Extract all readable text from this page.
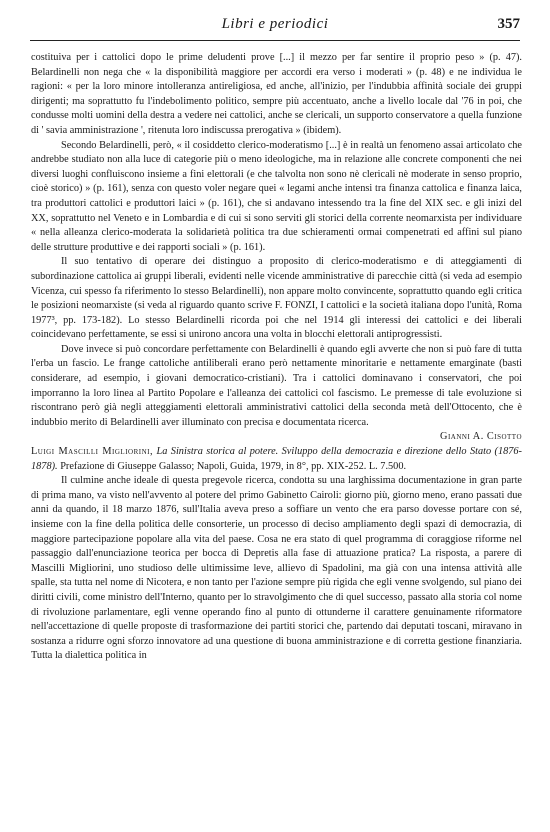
Libri e periodici	357

costituiva per i cattolici dopo le prime deludenti prove [...] il mezzo per far sentire il proprio peso » (p. 47). Belardinelli non nega che « la disponibilità maggiore per accordi era verso i moderati » (p. 48) e ne individua le ragioni: « per la loro minore intolleranza antireligiosa, ed anche, all'inizio, per l'indubbia affinità sociale dei gruppi dirigenti; ma soprattutto fu l'indebolimento politico, sempre più accentuato, anche a livello locale dal '76 in poi, che condusse molti uomini della destra a vedere nei cattolici, anche se clericali, un supporto conservatore a quella funzione di ' savia amministrazione ', ritenuta loro indiscussa prerogativa » (ibidem).

Secondo Belardinelli, però, « il cosiddetto clerico-moderatismo [...] è in realtà un fenomeno assai articolato che andrebbe studiato non alla luce di categorie più o meno ideologiche, ma in relazione alle concrete componenti che nei diversi luoghi confluiscono insieme a fini elettorali (e che talvolta non sono nè clericali nè moderate in senso proprio, cioè storico) » (p. 161), senza con questo voler negare quei « legami anche intensi tra finanza cattolica e finanza laica, tra produttori cattolici e produttori laici » (p. 161), che si andavano intessendo tra la fine del XIX sec. e gli inizi del XX, soprattutto nel Veneto e in Lombardia e di cui si sono serviti gli storici della corrente neomarxista per individuare « nella alleanza clerico-moderata la solidarietà politica tra due schieramenti ormai compenetrati ed affini sul piano delle strutture produttive e dei rapporti sociali » (p. 161).

Il suo tentativo di operare dei distinguo a proposito di clerico-moderatismo e di atteggiamenti di subordinazione cattolica ai gruppi liberali, evidenti nelle vicende amministrative di parecchie città (si veda ad esempio Vicenza, cui spesso fa riferimento lo stesso Belardinelli), non appare molto convincente, soprattutto quando egli critica le posizioni neomarxiste (si veda al riguardo quanto scrive F. FONZI, I cattolici e la società italiana dopo l'unità, Roma 1977³, pp. 173-182). Lo stesso Belardinelli ricorda poi che nel 1914 gli interessi dei cattolici e dei liberali coincidevano perfettamente, se essi si unirono ancora una volta in blocchi elettorali antiprogressisti.

Dove invece si può concordare perfettamente con Belardinelli è quando egli avverte che non si può fare di tutta l'erba un fascio. Le frange cattoliche antiliberali erano però nettamente minoritarie e nettamente emarginate (basti considerare, ad esempio, i giovani democratico-cristiani). Tra i cattolici dominavano i conservatori, che poi imporranno la loro linea al Partito Popolare e l'alleanza dei cattolici col fascismo. Le premesse di tale evoluzione si riscontrano però già negli atteggiamenti elettorali amministrativi cattolici della seconda metà dell'Ottocento, che è indubbio merito di Belardinelli aver illuminato con precisa e documentata ricerca.

Gianni A. Cisotto

Luigi Mascilli Migliorini, La Sinistra storica al potere. Sviluppo della democrazia e direzione dello Stato (1876-1878). Prefazione di Giuseppe Galasso; Napoli, Guida, 1979, in 8°, pp. XIX-252. L. 7.500.

Il culmine anche ideale di questa pregevole ricerca, condotta su una larghissima documentazione in gran parte di prima mano, va visto nell'avvento al potere del primo Gabinetto Cairoli: giorno più, giorno meno, erano passati due anni da quando, il 18 marzo 1876, sull'Italia aveva preso a soffiare un vento che era parso dovesse portare con sé, insieme con la fine della politica delle consorterie, un processo di deciso ampliamento degli spazi di democrazia, di maggiore partecipazione popolare alla vita del paese. Cosa ne era stato di quel programma di coraggiose riforme nel passaggio dall'enunciazione teorica per bocca di Depretis alla fase di attuazione pratica? La risposta, a parere di Mascilli Migliorini, uno studioso delle ultimissime leve, allievo di Spadolini, ma già con una intensa attività alle spalle, sta tutta nel nome di Nicotera, e non tanto per l'azione sempre più rigida che egli venne svolgendo, sul piano dei diritti civili, come ministro dell'Interno, quanto per lo stravolgimento che di quel successo, passato alla storia col nome di rivoluzione parlamentare, egli venne operando fino al punto di ottunderne il carattere genuinamente riformatore nell'accettazione di quelle proposte di trasformazione dei partiti storici che, partendo dai deputati toscani, miravano in sostanza a ridurre ogni sforzo innovatore ad una questione di buona amministrazione e di corretta gestione finanziaria. Tutta la dialettica politica in
